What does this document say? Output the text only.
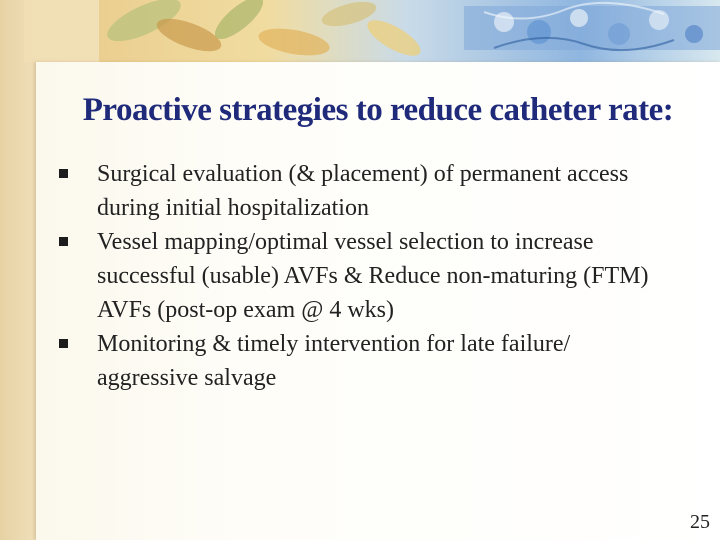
Proactive strategies to reduce catheter rate:
Surgical evaluation (& placement) of permanent access during initial hospitalization
Vessel mapping/optimal vessel selection to increase successful (usable) AVFs & Reduce non-maturing (FTM) AVFs (post-op exam @ 4 wks)
Monitoring & timely intervention for late failure/ aggressive salvage
25
